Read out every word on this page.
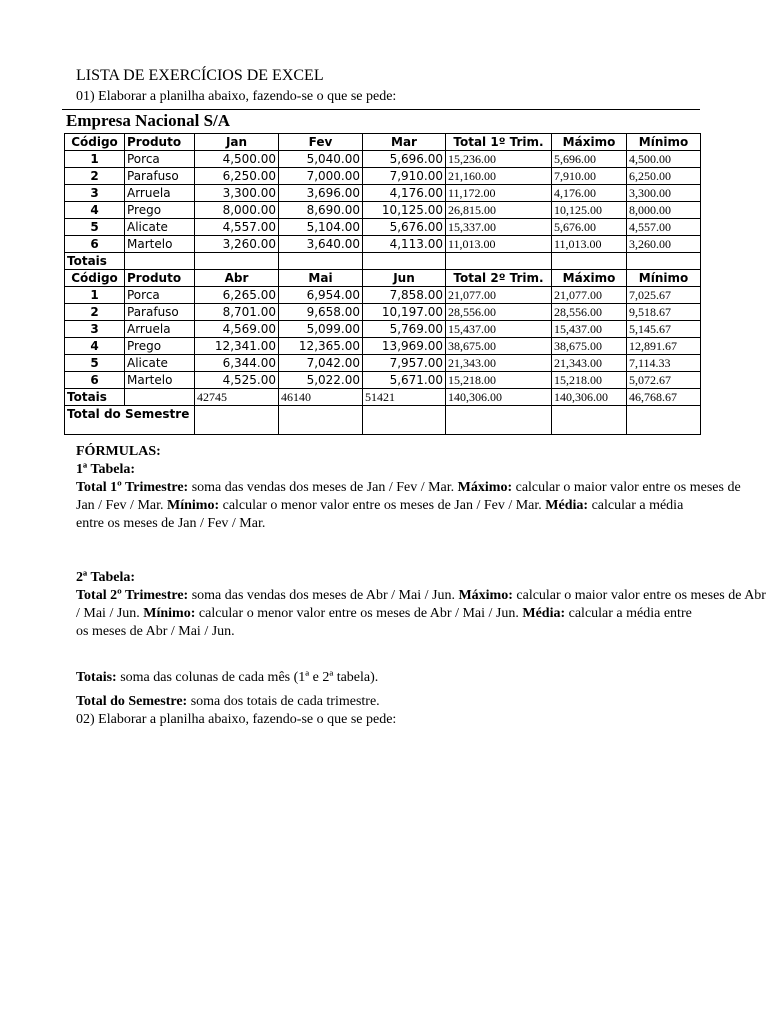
LISTA DE EXERCÍCIOS DE EXCEL
01) Elaborar a planilha abaixo, fazendo-se o que se pede:
Empresa Nacional S/A
Código	Produto	Jan	Fev	Mar	Total 1º Trim.	Máximo	Mínimo
1	Porca	4,500.00	5,040.00	5,696.00	15,236.00	5,696.00	4,500.00
2	Parafuso	6,250.00	7,000.00	7,910.00	21,160.00	7,910.00	6,250.00
3	Arruela	3,300.00	3,696.00	4,176.00	11,172.00	4,176.00	3,300.00
4	Prego	8,000.00	8,690.00	10,125.00	26,815.00	10,125.00	8,000.00
5	Alicate	4,557.00	5,104.00	5,676.00	15,337.00	5,676.00	4,557.00
6	Martelo	3,260.00	3,640.00	4,113.00	11,013.00	11,013.00	3,260.00
Totais							
Código	Produto	Abr	Mai	Jun	Total 2º Trim.	Máximo	Mínimo
1	Porca	6,265.00	6,954.00	7,858.00	21,077.00	21,077.00	7,025.67
2	Parafuso	8,701.00	9,658.00	10,197.00	28,556.00	28,556.00	9,518.67
3	Arruela	4,569.00	5,099.00	5,769.00	15,437.00	15,437.00	5,145.67
4	Prego	12,341.00	12,365.00	13,969.00	38,675.00	38,675.00	12,891.67
5	Alicate	6,344.00	7,042.00	7,957.00	21,343.00	21,343.00	7,114.33
6	Martelo	4,525.00	5,022.00	5,671.00	15,218.00	15,218.00	5,072.67
Totais		42745	46140	51421	140,306.00	140,306.00	46,768.67
Total do Semestre							

FÓRMULAS:

1ª Tabela:

Total 1º Trimestre: soma das vendas dos meses de Jan / Fev / Mar. Máximo: calcular o maior valor entre os meses de

Jan / Fev / Mar. Mínimo: calcular o menor valor entre os meses de Jan / Fev / Mar. Média: calcular a média

entre os meses de Jan / Fev / Mar.

2ª Tabela:

Total 2º Trimestre: soma das vendas dos meses de Abr / Mai / Jun. Máximo: calcular o maior valor entre os meses de Abr

/ Mai / Jun. Mínimo: calcular o menor valor entre os meses de Abr / Mai / Jun. Média: calcular a média entre

os meses de Abr / Mai / Jun.

Totais: soma das colunas de cada mês (1ª e 2ª tabela).

Total do Semestre: soma dos totais de cada trimestre.

02) Elaborar a planilha abaixo, fazendo-se o que se pede:
